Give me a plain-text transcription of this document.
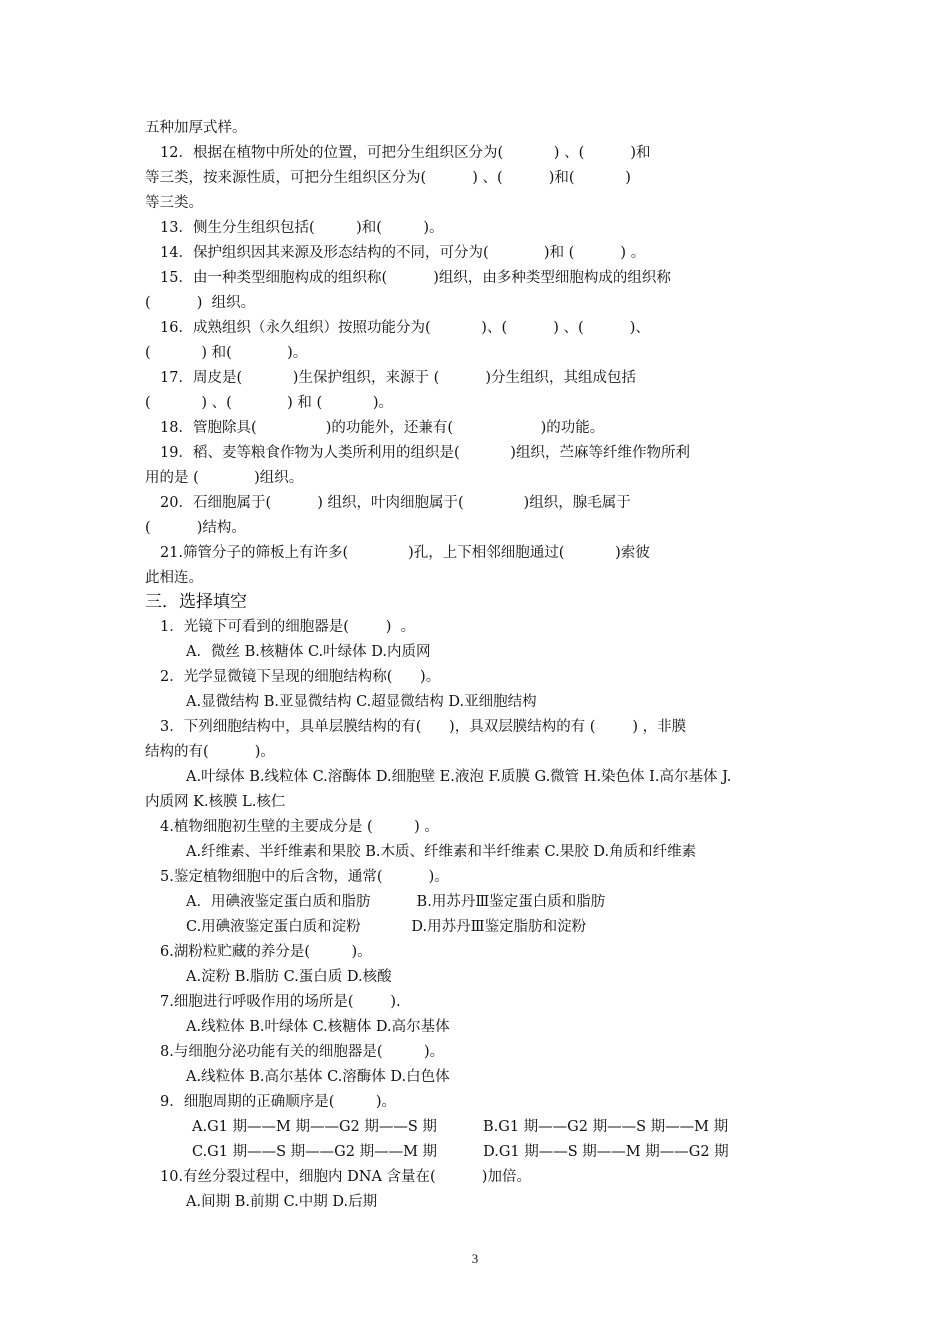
五种加厚式样。
12．根据在植物中所处的位置，可把分生组织区分为(           ) 、(          )和
等三类，按来源性质，可把分生组织区分为(          ) 、(          )和(           )
等三类。
13．侧生分生组织包括(         )和(         )。
14．保护组织因其来源及形态结构的不同，可分为(            )和 (          ) 。
15．由一种类型细胞构成的组织称(          )组织，由多种类型细胞构成的组织称
(          )  组织。
16．成熟组织（永久组织）按照功能分为(           )、(          ) 、(          )、
(           ) 和(            )。
17．周皮是(           )生保护组织，来源于 (          )分生组织，其组成包括
(           ) 、(            ) 和 (           )。
18．管胞除具(               )的功能外，还兼有(                   )的功能。
19．稻、麦等粮食作物为人类所利用的组织是(           )组织，苎麻等纤维作物所利
用的是 (            )组织。
20．石细胞属于(          ) 组织，叶肉细胞属于(             )组织，腺毛属于
(          )结构。
21.筛管分子的筛板上有许多(             )孔，上下相邻细胞通过(           )索彼
此相连。
三．选择填空
1．光镜下可看到的细胞器是(        )  。
A．微丝 B.核糖体 C.叶绿体 D.内质网
2．光学显微镜下呈现的细胞结构称(      )。
A.显微结构 B.亚显微结构 C.超显微结构 D.亚细胞结构
3．下列细胞结构中，具单层膜结构的有(      )，具双层膜结构的有 (        ) ，非膜
结构的有(          )。
A.叶绿体 B.线粒体 C.溶酶体 D.细胞壁 E.液泡 F.质膜 G.微管 H.染色体 I.高尔基体 J.
内质网 K.核膜 L.核仁
4.植物细胞初生壁的主要成分是 (         ) 。
A.纤维素、半纤维素和果胶 B.木质、纤维素和半纤维素 C.果胶 D.角质和纤维素
5.鉴定植物细胞中的后含物，通常(          )。
A．用碘液鉴定蛋白质和脂肪          B.用苏丹Ⅲ鉴定蛋白质和脂肪
C.用碘液鉴定蛋白质和淀粉           D.用苏丹Ⅲ鉴定脂肪和淀粉
6.湖粉粒贮藏的养分是(         )。
A.淀粉 B.脂肪 C.蛋白质 D.核酸
7.细胞进行呼吸作用的场所是(        ).
A.线粒体 B.叶绿体 C.核糖体 D.高尔基体
8.与细胞分泌功能有关的细胞器是(         )。
A.线粒体 B.高尔基体 C.溶酶体 D.白色体
9．细胞周期的正确顺序是(         )。
A.G1 期——M 期——G2 期——S 期          B.G1 期——G2 期——S 期——M 期
C.G1 期——S 期——G2 期——M 期          D.G1 期——S 期——M 期——G2 期
10.有丝分裂过程中，细胞内 DNA 含量在(          )加倍。
A.间期 B.前期 C.中期 D.后期
3
